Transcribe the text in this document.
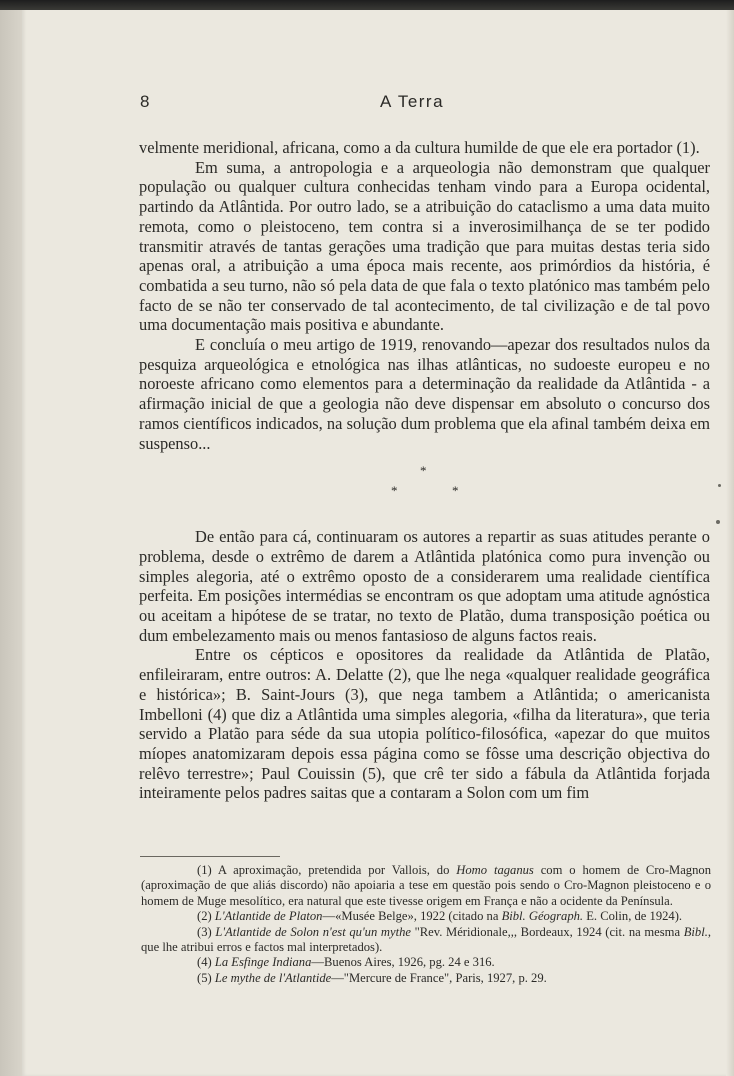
8	A Terra

velmente meridional, africana, como a da cultura humilde de que ele era portador (1).

Em suma, a antropologia e a arqueologia não demonstram que qualquer população ou qualquer cultura conhecidas tenham vindo para a Europa ocidental, partindo da Atlântida. Por outro lado, se a atribuição do cataclismo a uma data muito remota, como o pleistoceno, tem contra si a inverosimilhança de se ter podido transmitir através de tantas gerações uma tradição que para muitas destas teria sido apenas oral, a atribuição a uma época mais recente, aos primórdios da história, é combatida a seu turno, não só pela data de que fala o texto platónico mas também pelo facto de se não ter conservado de tal acontecimento, de tal civilização e de tal povo uma documentação mais positiva e abundante.

E concluía o meu artigo de 1919, renovando—apezar dos resultados nulos da pesquiza arqueológica e etnológica nas ilhas atlânticas, no sudoeste europeu e no noroeste africano como elementos para a determinação da realidade da Atlântida - a afirmação inicial de que a geologia não deve dispensar em absoluto o concurso dos ramos científicos indicados, na solução dum problema que ela afinal também deixa em suspenso...

*
*	*

De então para cá, continuaram os autores a repartir as suas atitudes perante o problema, desde o extrêmo de darem a Atlântida platónica como pura invenção ou simples alegoria, até o extrêmo oposto de a considerarem uma realidade científica perfeita. Em posições intermédias se encontram os que adoptam uma atitude agnóstica ou aceitam a hipótese de se tratar, no texto de Platão, duma transposição poética ou dum embelezamento mais ou menos fantasioso de alguns factos reais.

Entre os cépticos e opositores da realidade da Atlântida de Platão, enfileiraram, entre outros: A. Delatte (2), que lhe nega «qualquer realidade geográfica e histórica»; B. Saint-Jours (3), que nega tambem a Atlântida; o americanista Imbelloni (4) que diz a Atlântida uma simples alegoria, «filha da literatura», que teria servido a Platão para séde da sua utopia político-filosófica, «apezar do que muitos míopes anatomizaram depois essa página como se fôsse uma descrição objectiva do relêvo terrestre»; Paul Couissin (5), que crê ter sido a fábula da Atlântida forjada inteiramente pelos padres saitas que a contaram a Solon com um fim

(1) A aproximação, pretendida por Vallois, do Homo taganus com o homem de Cro-Magnon (aproximação de que aliás discordo) não apoiaria a tese em questão pois sendo o Cro-Magnon pleistoceno e o homem de Muge mesolítico, era natural que este tivesse origem em França e não a ocidente da Península.

(2) L'Atlantide de Platon—«Musée Belge», 1922 (citado na Bibl. Géograph. E. Colin, de 1924).

(3) L'Atlantide de Solon n'est qu'un mythe "Rev. Méridionale,,, Bordeaux, 1924 (cit. na mesma Bibl., que lhe atribui erros e factos mal interpretados).

(4) La Esfinge Indiana—Buenos Aires, 1926, pg. 24 e 316.

(5) Le mythe de l'Atlantide—"Mercure de France", Paris, 1927, p. 29.
